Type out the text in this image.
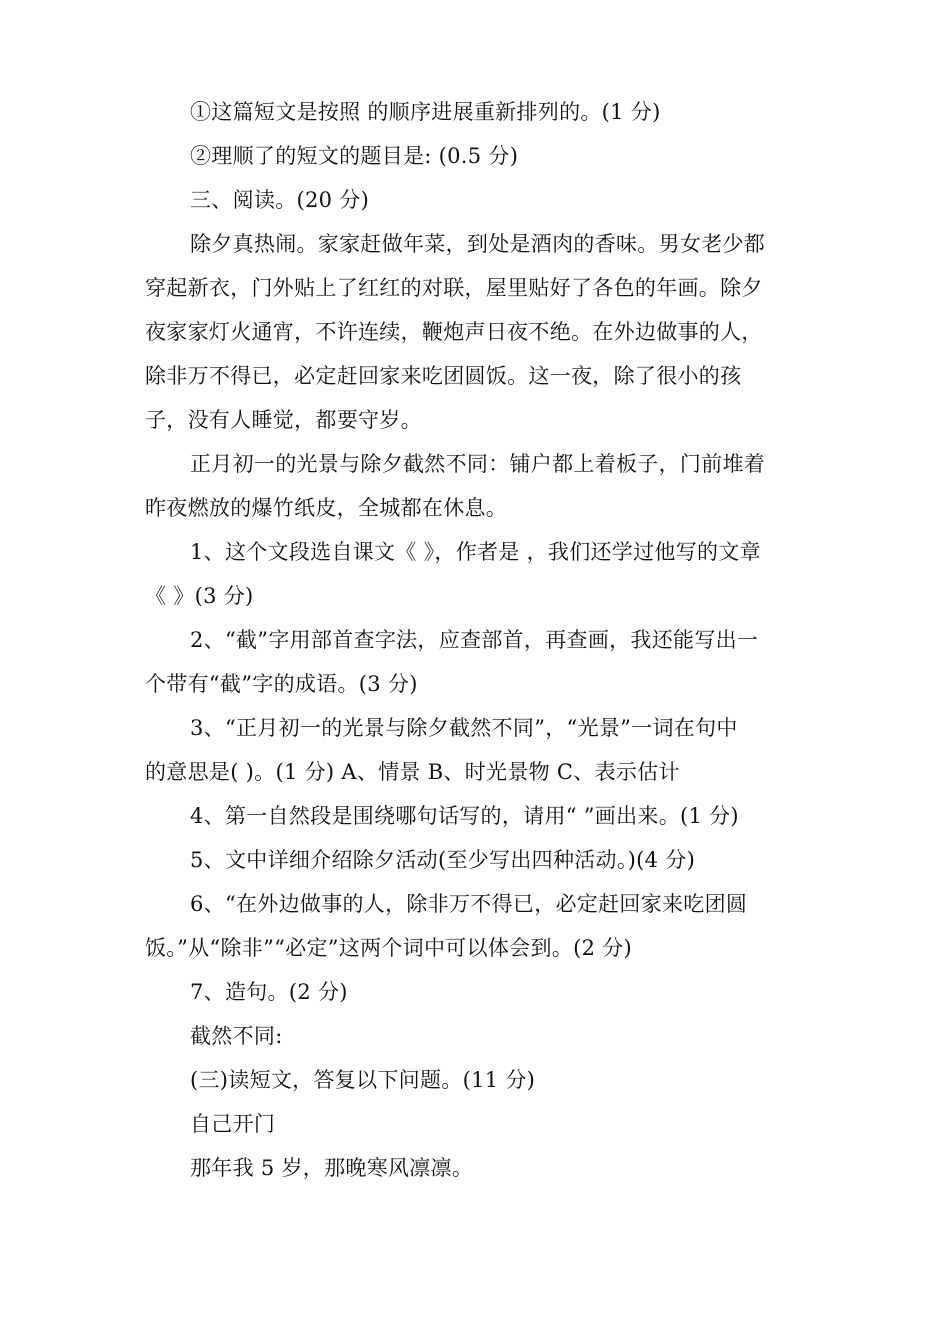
①这篇短文是按照 的顺序进展重新排列的。(1 分)
②理顺了的短文的题目是: (0.5 分)
三、阅读。(20 分)
除夕真热闹。家家赶做年菜，到处是酒肉的香味。男女老少都
穿起新衣，门外贴上了红红的对联，屋里贴好了各色的年画。除夕
夜家家灯火通宵，不许连续，鞭炮声日夜不绝。在外边做事的人，
除非万不得已，必定赶回家来吃团圆饭。这一夜，除了很小的孩
子，没有人睡觉，都要守岁。
正月初一的光景与除夕截然不同：铺户都上着板子，门前堆着
昨夜燃放的爆竹纸皮，全城都在休息。
1、这个文段选自课文《 》，作者是 ，我们还学过他写的文章
《 》(3 分)
2、“截”字用部首查字法，应查部首，再查画，我还能写出一
个带有“截”字的成语。(3 分)
3、“正月初一的光景与除夕截然不同”，“光景”一词在句中
的意思是( )。(1 分) A、情景 B、时光景物 C、表示估计
4、第一自然段是围绕哪句话写的，请用“ ”画出来。(1 分)
5、文中详细介绍除夕活动(至少写出四种活动。)(4 分)
6、“在外边做事的人，除非万不得已，必定赶回家来吃团圆
饭。”从“除非”“必定”这两个词中可以体会到。(2 分)
7、造句。(2 分)
截然不同:
(三)读短文，答复以下问题。(11 分)
自己开门
那年我 5 岁，那晚寒风凛凛。
